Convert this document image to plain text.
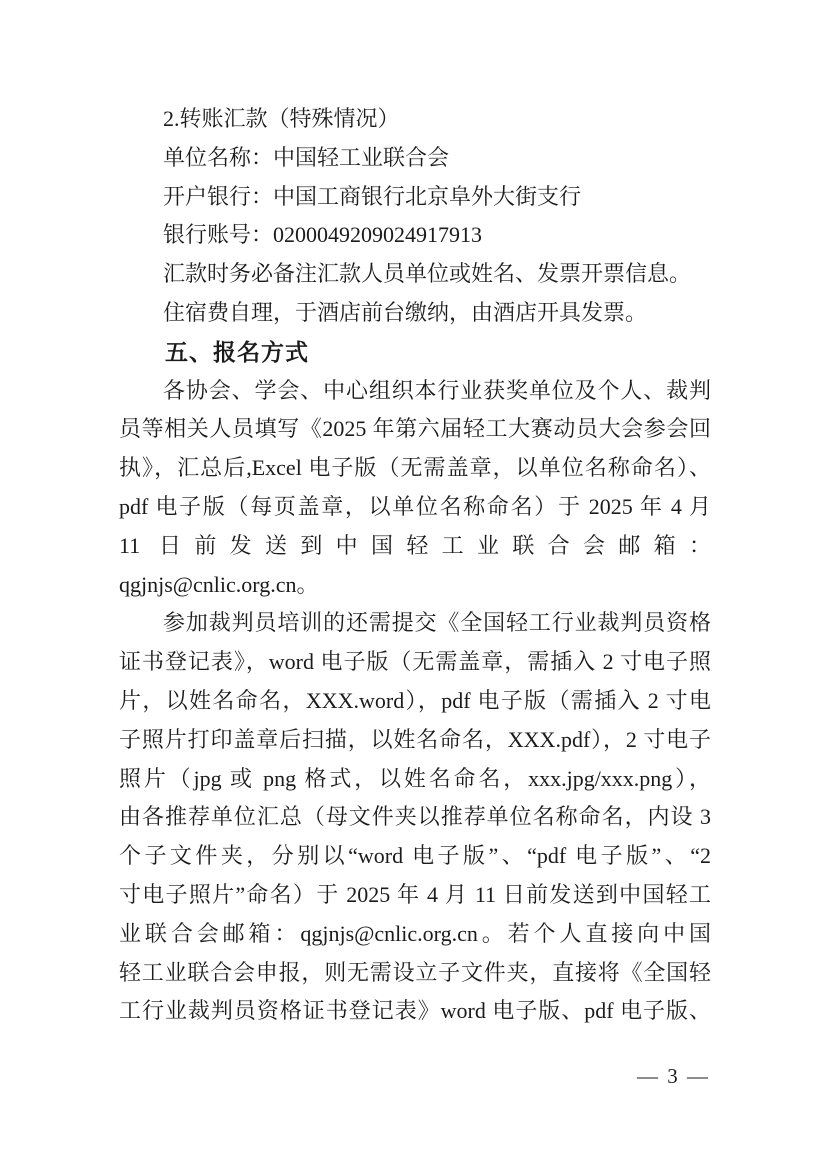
2.转账汇款（特殊情况）
单位名称：中国轻工业联合会
开户银行：中国工商银行北京阜外大街支行
银行账号：0200049209024917913
汇款时务必备注汇款人员单位或姓名、发票开票信息。
住宿费自理，于酒店前台缴纳，由酒店开具发票。
五、报名方式
各协会、学会、中心组织本行业获奖单位及个人、裁判
员等相关人员填写《2025 年第六届轻工大赛动员大会参会回
执》，汇总后,Excel 电子版（无需盖章，以单位名称命名）、
pdf 电子版（每页盖章，以单位名称命名）于 2025 年 4 月
11 日前发送到中国轻工业联合会邮箱：
qgjnjs@cnlic.org.cn。
参加裁判员培训的还需提交《全国轻工行业裁判员资格
证书登记表》，word 电子版（无需盖章，需插入 2 寸电子照
片，以姓名命名，XXX.word），pdf 电子版（需插入 2 寸电
子照片打印盖章后扫描，以姓名命名，XXX.pdf），2 寸电子
照片（jpg 或 png 格式，以姓名命名，xxx.jpg/xxx.png），
由各推荐单位汇总（母文件夹以推荐单位名称命名，内设 3
个子文件夹，分别以“word 电子版”、“pdf 电子版”、“2
寸电子照片”命名）于 2025 年 4 月 11 日前发送到中国轻工
业联合会邮箱：qgjnjs@cnlic.org.cn。若个人直接向中国
轻工业联合会申报，则无需设立子文件夹，直接将《全国轻
工行业裁判员资格证书登记表》word 电子版、pdf 电子版、
— 3 —
